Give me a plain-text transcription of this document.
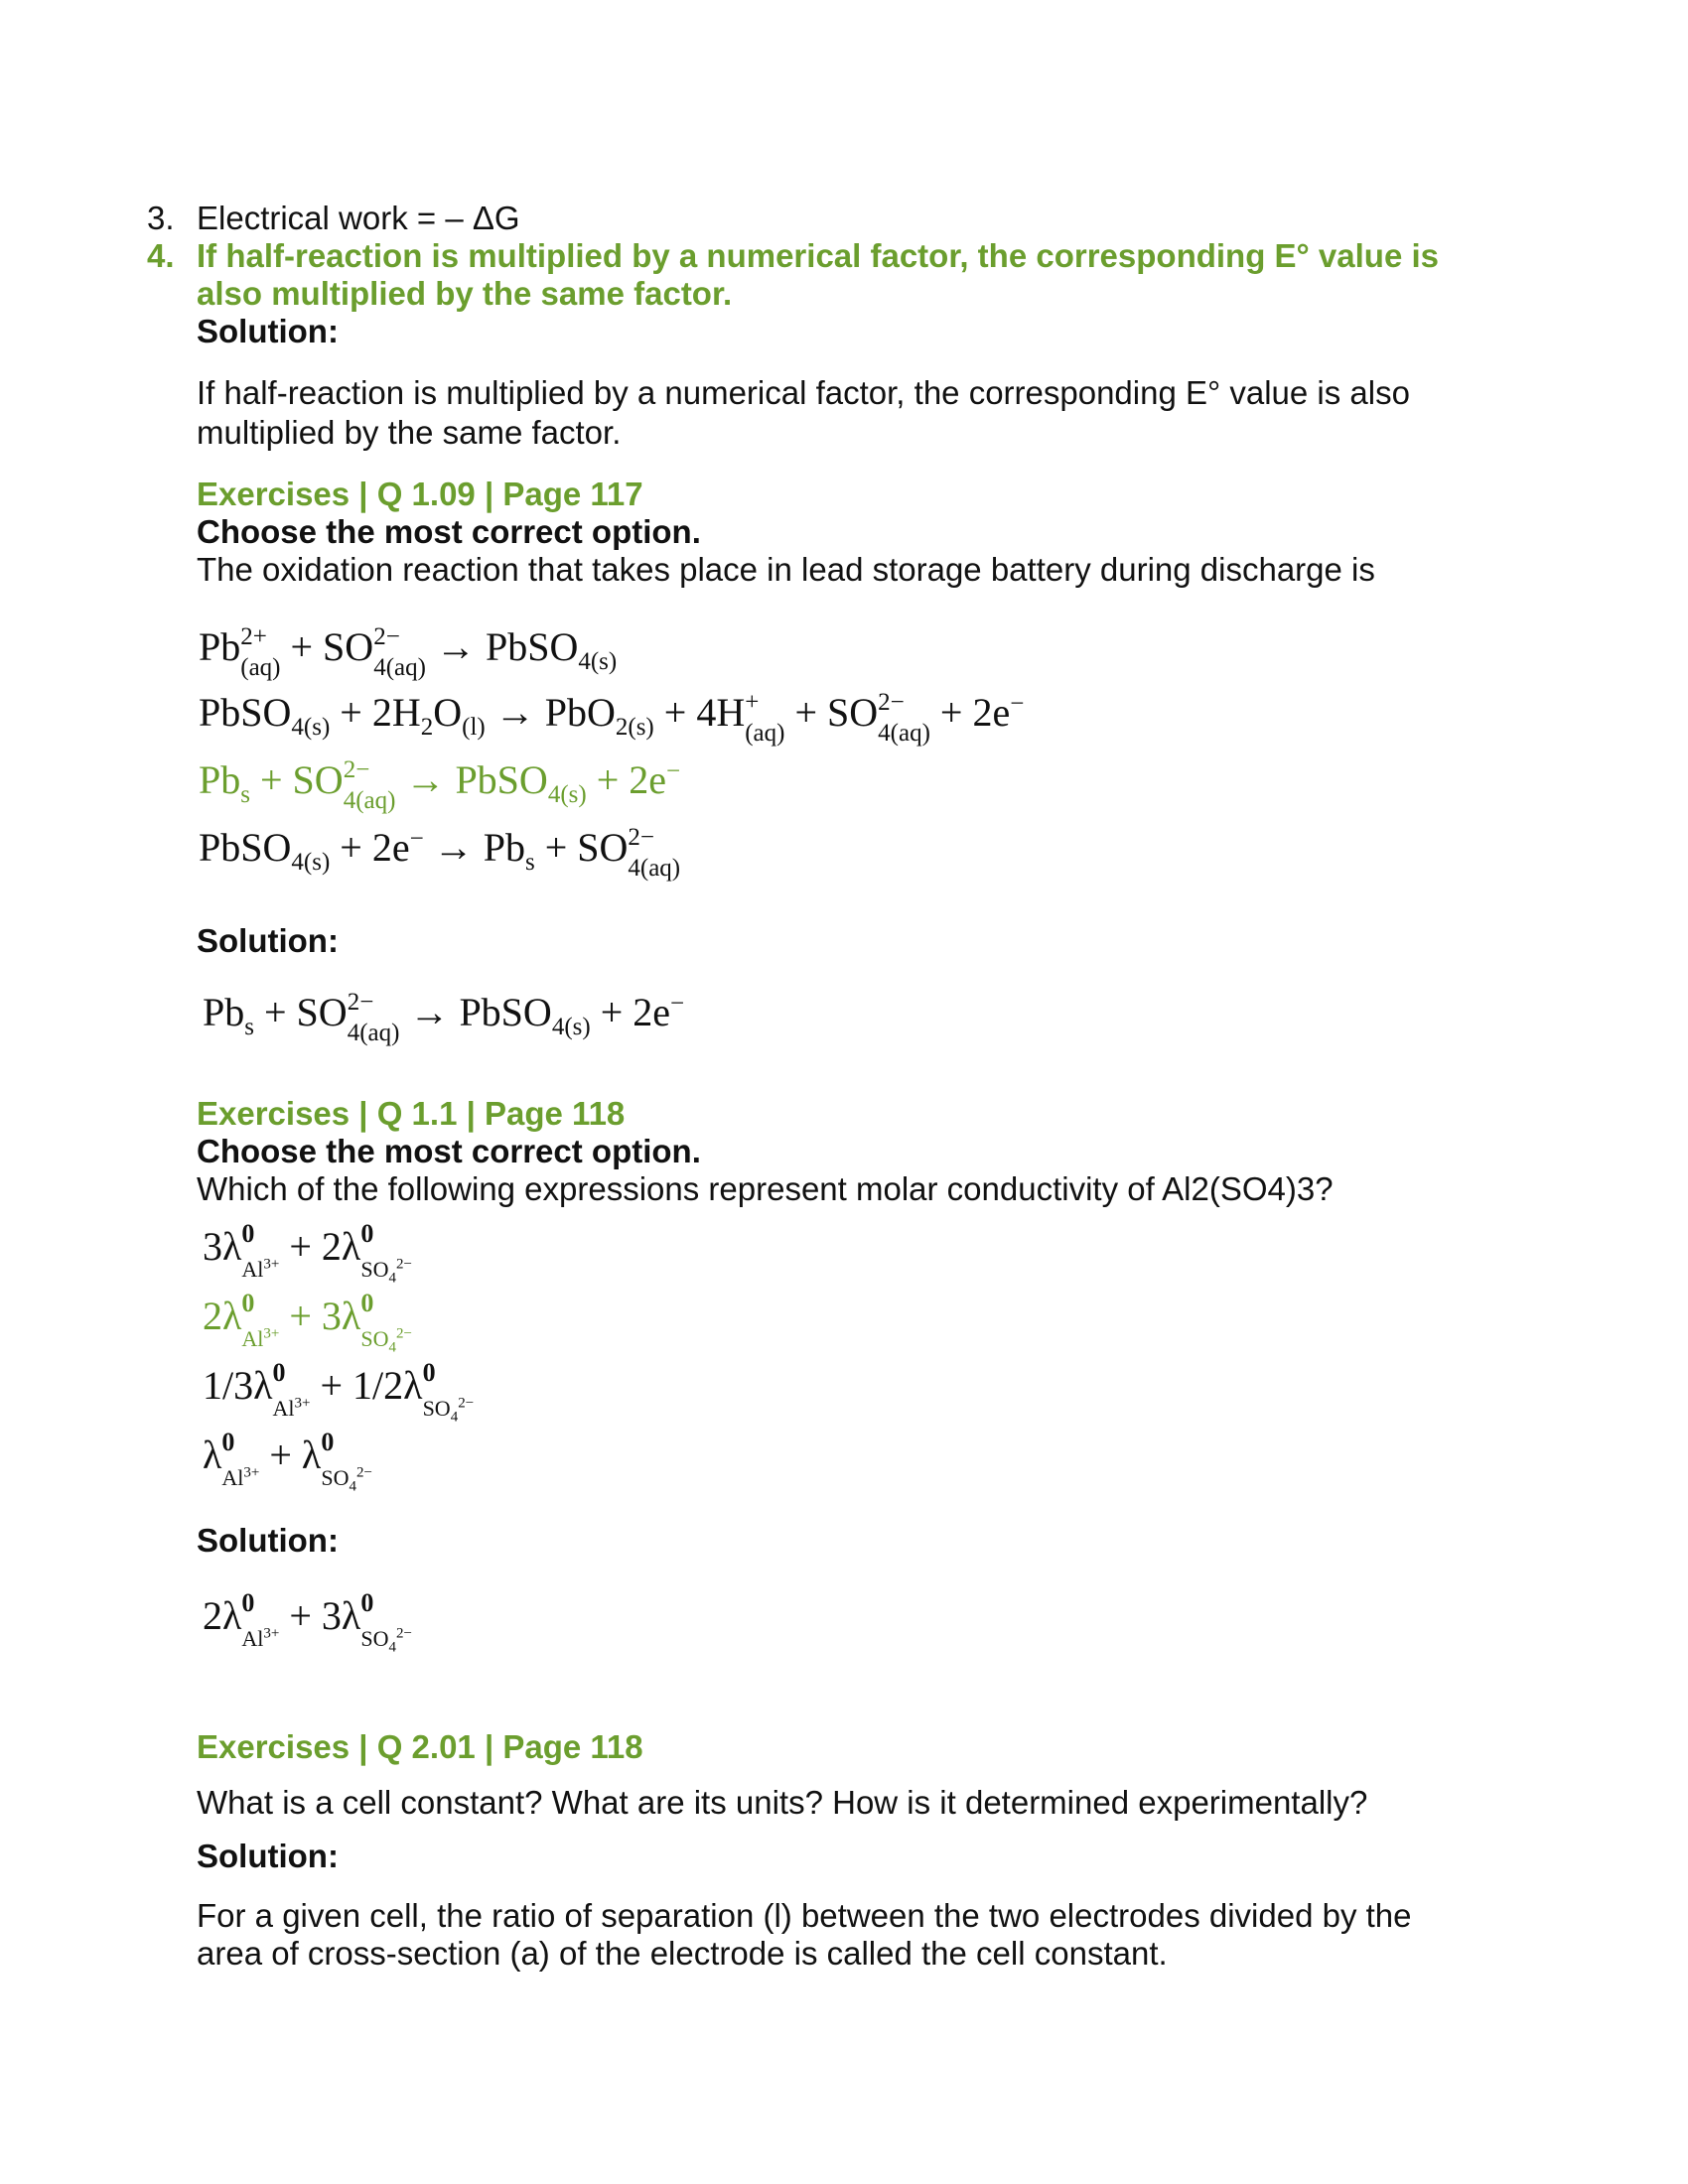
3. Electrical work = – ΔG
4. If half-reaction is multiplied by a numerical factor, the corresponding E° value is
also multiplied by the same factor.
Solution:
If half-reaction is multiplied by a numerical factor, the corresponding E° value is also
multiplied by the same factor.
Exercises | Q 1.09 | Page 117
Choose the most correct option.
The oxidation reaction that takes place in lead storage battery during discharge is
Pb 2+
(aq) + SO 2−
4(aq) → PbSO$_{4(s)}$
PbSO$_{4(s)}$ + $2H_2O_{(l)} \to PbO_{2(s)} + 4H$ +
(aq) + SO 2−
4(aq) + 2e−
$Pb_s$ + SO 2−
4(aq) → PbSO$_{4(s)}$ + 2e−
PbSO$_{4(s)}$ + $2e^- \to Pb_s$ + SO 2−
4(aq)
Solution:
$Pb_s$ + SO 2−
4(aq) → PbSO$_{4(s)}$ + 2e−
Exercises | Q 1.1 | Page 118
Choose the most correct option.
Which of the following expressions represent molar conductivity of Al2(SO4)3?
3λ 0
$Al^{3+} + 2\lambda$ 0
$SO_4^{2-}$
2λ 0
$Al^{3+} + 3\lambda$ 0
$SO_4^{2-}$
1/3λ 0
$Al^{3+} + 1/2\lambda$ 0
$SO_4^{2-}$
λ 0
$Al^{3+} + \lambda$ 0
$SO_4^{2-}$
Solution:
2λ 0
$Al^{3+} + 3\lambda$ 0
$SO_4^{2-}$
Exercises | Q 2.01 | Page 118
What is a cell constant? What are its units? How is it determined experimentally?
Solution:
For a given cell, the ratio of separation (l) between the two electrodes divided by the
area of cross-section (a) of the electrode is called the cell constant.
